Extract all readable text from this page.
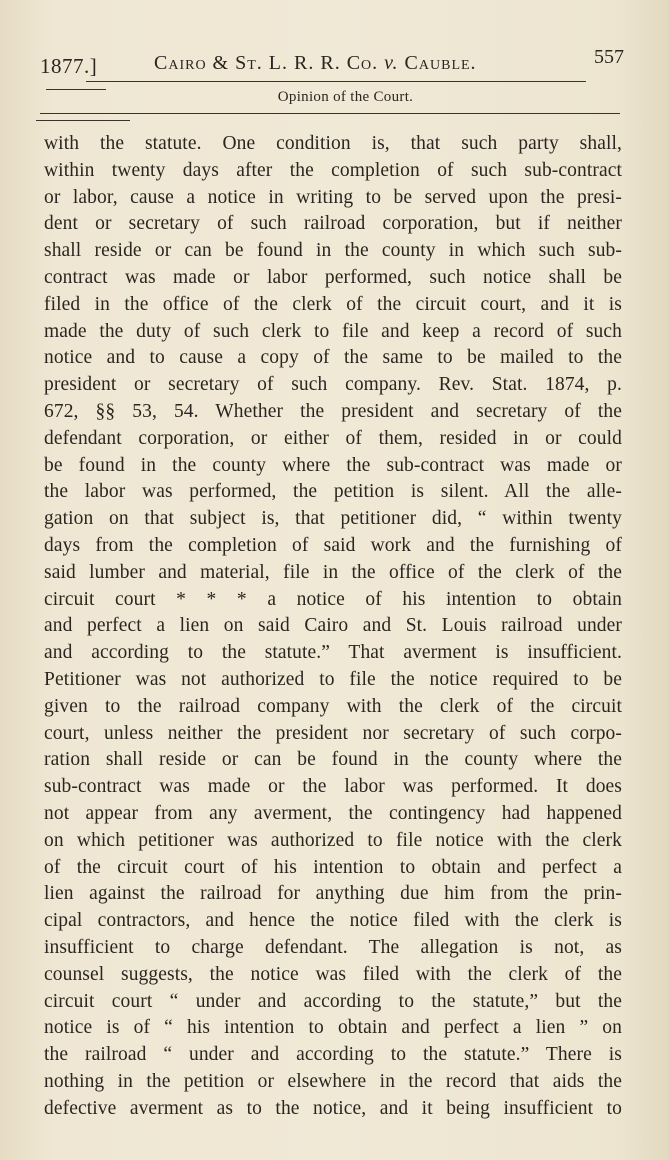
1877.]	Cairo & St. L. R. R. Co. v. Cauble.	557
Opinion of the Court.
with the statute. One condition is, that such party shall,
within twenty days after the completion of such sub-contract
or labor, cause a notice in writing to be served upon the presi-
dent or secretary of such railroad corporation, but if neither
shall reside or can be found in the county in which such sub-
contract was made or labor performed, such notice shall be
filed in the office of the clerk of the circuit court, and it is
made the duty of such clerk to file and keep a record of such
notice and to cause a copy of the same to be mailed to the
president or secretary of such company. Rev. Stat. 1874, p.
672, §§ 53, 54. Whether the president and secretary of the
defendant corporation, or either of them, resided in or could
be found in the county where the sub-contract was made or
the labor was performed, the petition is silent. All the alle-
gation on that subject is, that petitioner did, “ within twenty
days from the completion of said work and the furnishing of
said lumber and material, file in the office of the clerk of the
circuit court * * * a notice of his intention to obtain
and perfect a lien on said Cairo and St. Louis railroad under
and according to the statute.” That averment is insufficient.
Petitioner was not authorized to file the notice required to be
given to the railroad company with the clerk of the circuit
court, unless neither the president nor secretary of such corpo-
ration shall reside or can be found in the county where the
sub-contract was made or the labor was performed. It does
not appear from any averment, the contingency had happened
on which petitioner was authorized to file notice with the clerk
of the circuit court of his intention to obtain and perfect a
lien against the railroad for anything due him from the prin-
cipal contractors, and hence the notice filed with the clerk is
insufficient to charge defendant. The allegation is not, as
counsel suggests, the notice was filed with the clerk of the
circuit court “ under and according to the statute,” but the
notice is of “ his intention to obtain and perfect a lien ” on
the railroad “ under and according to the statute.” There is
nothing in the petition or elsewhere in the record that aids the
defective averment as to the notice, and it being insufficient to
